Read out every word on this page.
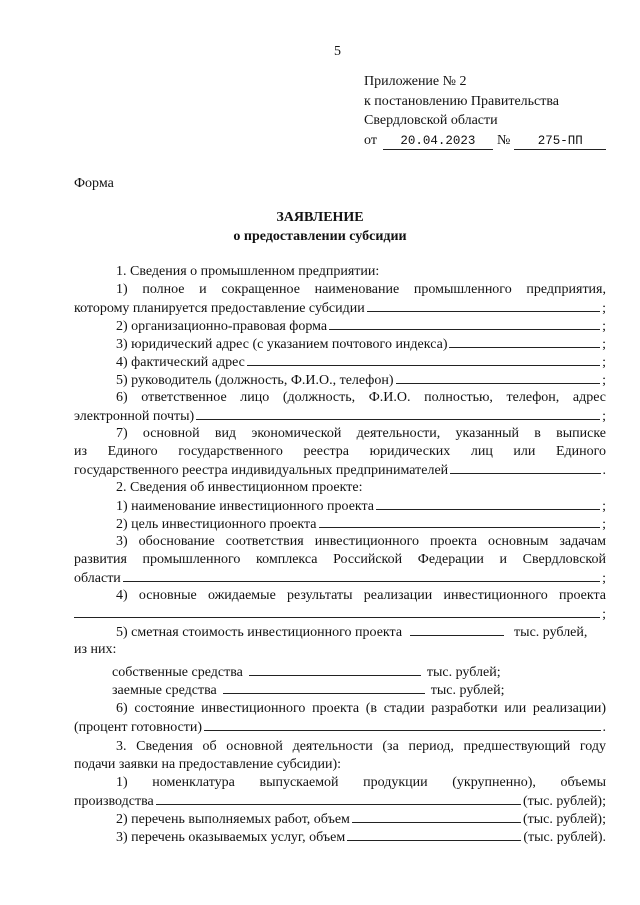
5
Приложение № 2
к постановлению Правительства
Свердловской области
от	20.04.2023	№	275-ПП
Форма
ЗАЯВЛЕНИЕ
о предоставлении субсидии
1. Сведения о промышленном предприятии:
1) полное и сокращенное наименование промышленного предприятия,
которому планируется предоставление субсидии	;
2) организационно-правовая форма	;
3) юридический адрес (с указанием почтового индекса)	;
4) фактический адрес	;
5) руководитель (должность, Ф.И.О., телефон)	;
6) ответственное лицо (должность, Ф.И.О. полностью, телефон, адрес
электронной почты)	;
7) основной вид экономической деятельности, указанный в выписке
из Единого государственного реестра юридических лиц или Единого
государственного реестра индивидуальных предпринимателей	.
2. Сведения об инвестиционном проекте:
1) наименование инвестиционного проекта	;
2) цель инвестиционного проекта	;
3) обоснование соответствия инвестиционного проекта основным задачам
развития промышленного комплекса Российской Федерации и Свердловской
области	;
4) основные ожидаемые результаты реализации инвестиционного проекта
;
5) сметная стоимость инвестиционного проекта	тыс. рублей,
из них:
собственные средства	тыс. рублей;
заемные средства	тыс. рублей;
6) состояние инвестиционного проекта (в стадии разработки или реализации)
(процент готовности)	.
3. Сведения об основной деятельности (за период, предшествующий году
подачи заявки на предоставление субсидии):
1) номенклатура выпускаемой продукции (укрупненно), объемы
производства	(тыс. рублей);
2) перечень выполняемых работ, объем	(тыс. рублей);
3) перечень оказываемых услуг, объем	(тыс. рублей).
